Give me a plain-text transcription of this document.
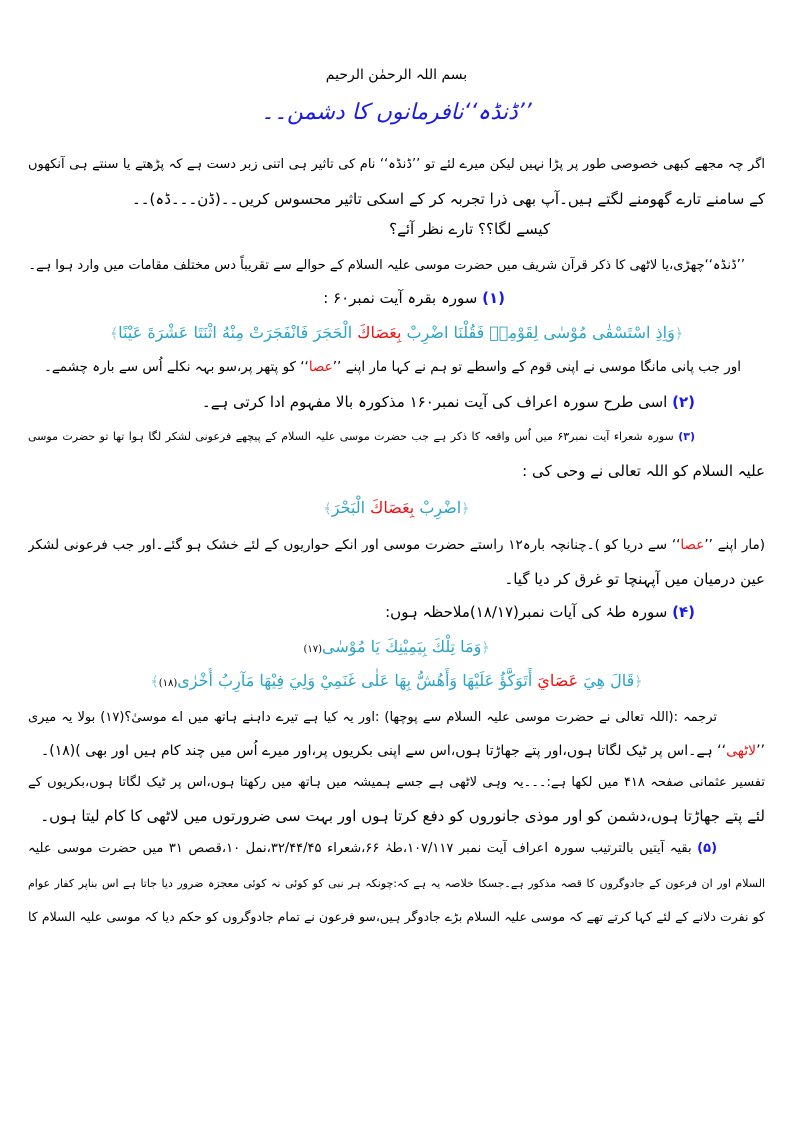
بسم اللہ الرحمٰن الرحیم
’’ڈنڈہ‘‘نافرمانوں کا دشمن۔۔
اگر چہ مجھے کبھی خصوصی طور پر پڑا نہیں لیکن میرے لئے تو ’’ڈنڈہ‘‘ نام کی تاثیر ہی اتنی زبر دست ہے کہ پڑھتے یا سنتے ہی آنکھوں
کے سامنے تارے گھومنے لگتے ہیں۔آپ بھی ذرا تجربہ کر کے اسکی تاثیر محسوس کریں۔۔(ڈن۔۔۔ڈہ)۔۔
کیسے لگا؟؟ تارے نظر آئے؟
’’ڈنڈہ‘‘چھڑی،یا لاٹھی کا ذکر قرآن شریف میں حضرت موسی علیہ السلام کے حوالے سے تقریباً دس مختلف مقامات میں وارد ہوا ہے۔
(۱) سورہ بقرہ آیت نمبر۶۰ :
﴿وَاِذِ اسْتَسْقٰى مُوْسٰى لِقَوْمِهٖ فَقُلْنَا اضْرِبْ بِعَصَاكَ الْحَجَرَ فَانْفَجَرَتْ مِنْهُ اثْنَتَا عَشْرَةَ عَيْنًا﴾
اور جب پانی مانگا موسی نے اپنی قوم کے واسطے تو ہم نے کہا مار اپنے ’’عصا‘‘ کو پتھر پر،سو بہہ نکلے اُس سے بارہ چشمے۔
(۲) اسی طرح سورہ اعراف کی آیت نمبر۱۶۰ مذکورہ بالا مفہوم ادا کرتی ہے۔
(۳) سورہ شعراء آیت نمبر۶۳ میں اُس واقعہ کا ذکر ہے جب حضرت موسی علیہ السلام کے پیچھے فرعونی لشکر لگا ہوا تھا تو حضرت موسی
علیہ السلام کو اللہ تعالی نے وحی کی :
﴿اضْرِبْ بِعَصَاكَ الْبَحْرَ﴾
(مار اپنے ’’عصا‘‘ سے دریا کو )۔چنانچہ بارہ۱۲ راستے حضرت موسی اور انکے حواریوں کے لئے خشک ہو گئے۔اور جب فرعونی لشکر
عین درمیان میں آپہنچا تو غرق کر دیا گیا۔
(۴) سورہ طہٰ کی آیات نمبر(۱۸/۱۷)ملاحظہ ہوں:
﴿وَمَا تِلْكَ بِيَمِيْنِكَ يَا مُوْسٰى(۱۷)
﴿قَالَ هِيَ عَصَايَ أَتَوَكَّؤُ عَلَيْهَا وَأَهُشُّ بِهَا عَلٰى غَنَمِيْ وَلِيَ فِيْهَا مَآرِبُ أُخْرٰى(۱۸)﴾
ترجمہ :(اللہ تعالی نے حضرت موسی علیہ السلام سے پوچھا) :اور یہ کیا ہے تیرے داہنے ہاتھ میں اے موسیٰ؟(۱۷) بولا یہ میری
’’لاٹھی‘‘ ہے۔اس پر ٹیک لگاتا ہوں،اور پتے جھاڑتا ہوں،اس سے اپنی بکریوں پر،اور میرے اُس میں چند کام ہیں اور بھی )(۱۸)۔
تفسیر عثمانی صفحہ ۴۱۸ میں لکھا ہے:۔۔۔یہ وہی لاٹھی ہے جسے ہمیشہ میں ہاتھ میں رکھتا ہوں،اس پر ٹیک لگاتا ہوں،بکریوں کے
لئے پتے جھاڑتا ہوں،دشمن کو اور موذی جانوروں کو دفع کرتا ہوں اور بہت سی ضرورتوں میں لاٹھی کا کام لیتا ہوں۔
(۵) بقیہ آیتیں بالترتیب سورہ اعراف آیت نمبر ۱۰۷/۱۱۷،طہٰ ۶۶،شعراء ۳۲/۴۴/۴۵،نمل ۱۰،قصص ۳۱ میں حضرت موسی علیہ
السلام اور ان فرعون کے جادوگروں کا قصہ مذکور ہے۔جسکا خلاصہ یہ ہے کہ:چونکہ ہر نبی کو کوئی نہ کوئی معجزہ ضرور دیا جاتا ہے اس بناپر کفار عوام
کو نفرت دلانے کے لئے کہا کرتے تھے کہ موسی علیہ السلام بڑے جادوگر ہیں،سو فرعون نے تمام جادوگروں کو حکم دیا کہ موسی علیہ السلام کا
